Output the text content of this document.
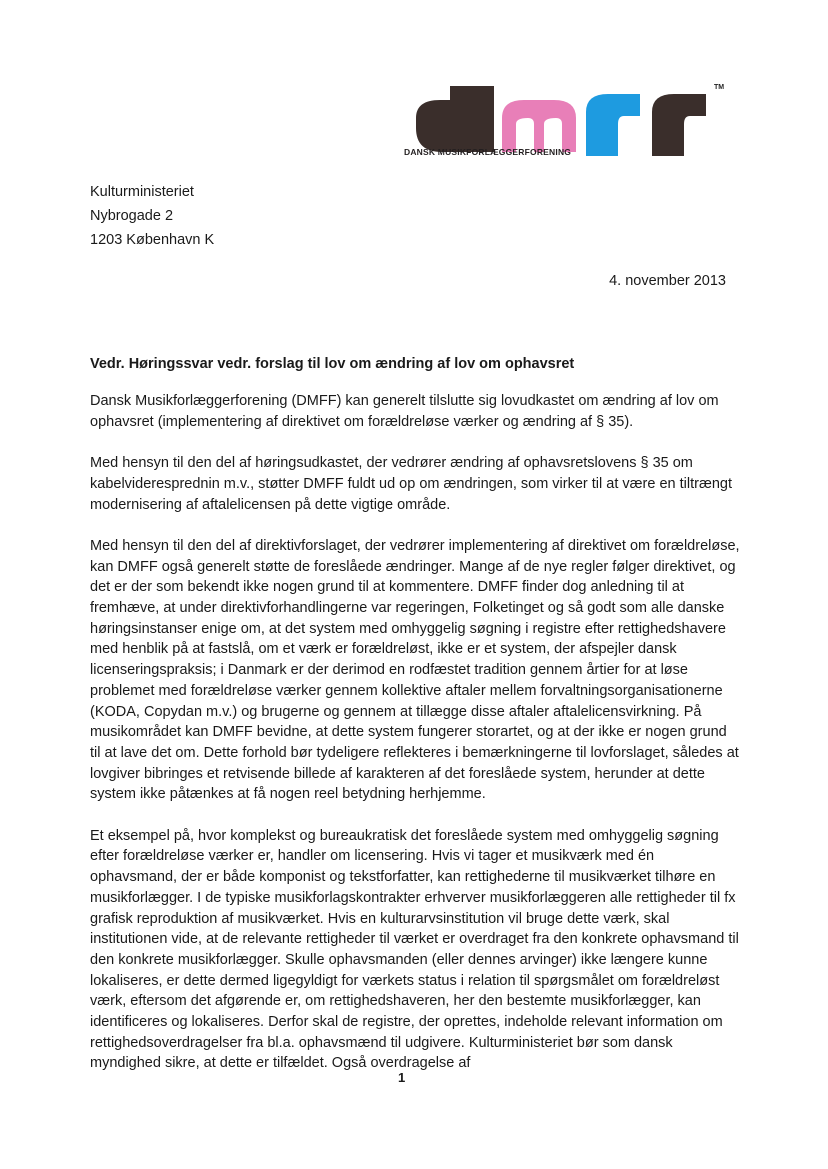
TM
DANSK MUSIKFORLÆGGERFORENING
Kulturministeriet
Nybrogade 2
1203 København K
4. november 2013
Vedr. Høringssvar vedr. forslag til lov om ændring af lov om ophavsret

Dansk Musikforlæggerforening (DMFF) kan generelt tilslutte sig lovudkastet om ændring af lov om ophavsret (implementering af direktivet om forældreløse værker og ændring af § 35).

Med hensyn til den del af høringsudkastet, der vedrører ændring af ophavsretslovens § 35 om kabelvideresprednin m.v., støtter DMFF fuldt ud op om ændringen, som virker til at være en tiltrængt modernisering af aftalelicensen på dette vigtige område.

Med hensyn til den del af direktivforslaget, der vedrører implementering af direktivet om forældreløse, kan DMFF også generelt støtte de foreslåede ændringer. Mange af de nye regler følger direktivet, og det er der som bekendt ikke nogen grund til at kommentere. DMFF finder dog anledning til at fremhæve, at under direktivforhandlingerne var regeringen, Folketinget og så godt som alle danske høringsinstanser enige om, at det system med omhyggelig søgning i registre efter rettighedshavere med henblik på at fastslå, om et værk er forældreløst, ikke er et system, der afspejler dansk licenseringspraksis; i Danmark er der derimod en rodfæstet tradition gennem årtier for at løse problemet med forældreløse værker gennem kollektive aftaler mellem forvaltningsorganisationerne (KODA, Copydan m.v.) og brugerne og gennem at tillægge disse aftaler aftalelicensvirkning. På musikområdet kan DMFF bevidne, at dette system fungerer storartet, og at der ikke er nogen grund til at lave det om. Dette forhold bør tydeligere reflekteres i bemærkningerne til lovforslaget, således at lovgiver bibringes et retvisende billede af karakteren af det foreslåede system, herunder at dette system ikke påtænkes at få nogen reel betydning herhjemme.

Et eksempel på, hvor komplekst og bureaukratisk det foreslåede system med omhyggelig søgning efter forældreløse værker er, handler om licensering. Hvis vi tager et musikværk med én ophavsmand, der er både komponist og tekstforfatter, kan rettighederne til musikværket tilhøre en musikforlægger. I de typiske musikforlagskontrakter erhverver musikforlæggeren alle rettigheder til fx grafisk reproduktion af musikværket. Hvis en kulturarvsinstitution vil bruge dette værk, skal institutionen vide, at de relevante rettigheder til værket er overdraget fra den konkrete ophavsmand til den konkrete musikforlægger. Skulle ophavsmanden (eller dennes arvinger) ikke længere kunne lokaliseres, er dette dermed ligegyldigt for værkets status i relation til spørgsmålet om forældreløst værk, eftersom det afgørende er, om rettighedshaveren, her den bestemte musikforlægger, kan identificeres og lokaliseres. Derfor skal de registre, der oprettes, indeholde relevant information om rettighedsoverdragelser fra bl.a. ophavsmænd til udgivere. Kulturministeriet bør som dansk myndighed sikre, at dette er tilfældet. Også overdragelse af

1
